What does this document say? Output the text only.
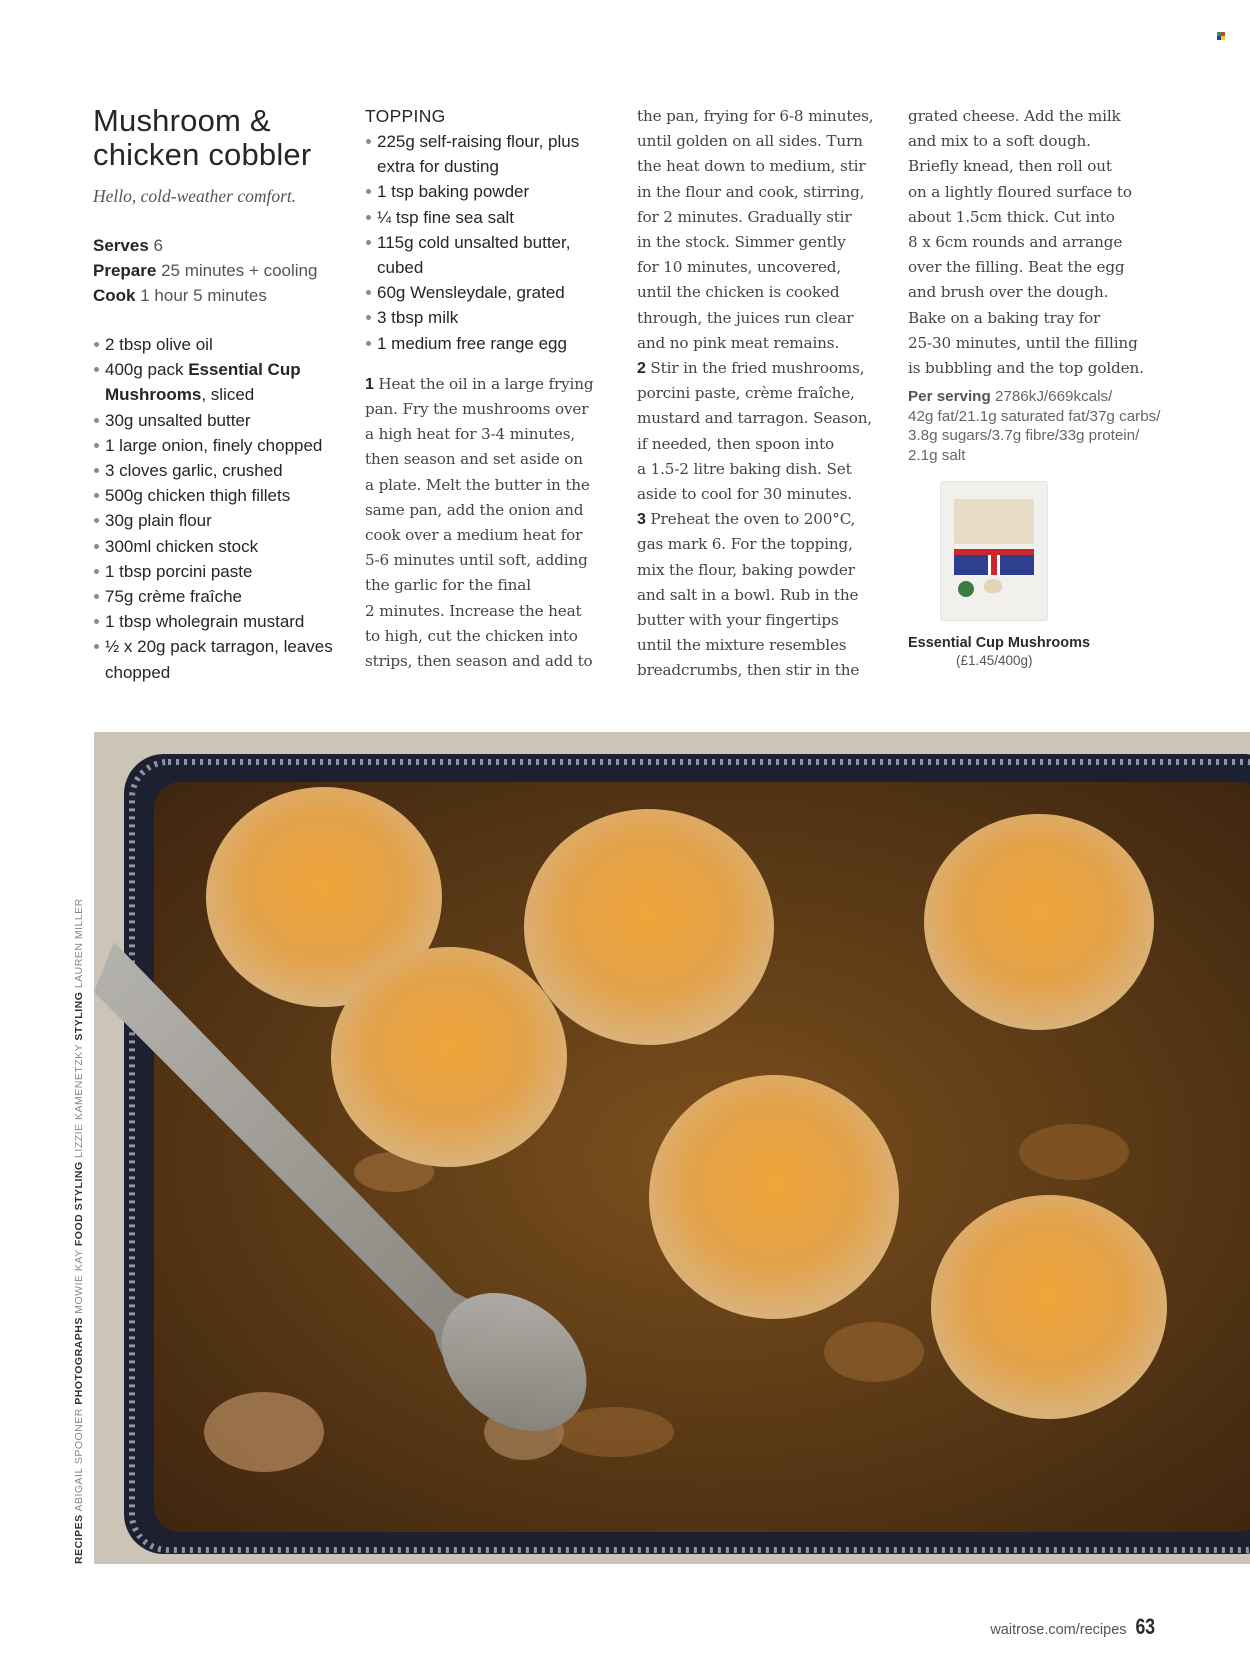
Mushroom &
chicken cobbler
Hello, cold-weather comfort.
Serves 6
Prepare 25 minutes + cooling
Cook 1 hour 5 minutes
2 tbsp olive oil
400g pack Essential Cup Mushrooms, sliced
30g unsalted butter
1 large onion, finely chopped
3 cloves garlic, crushed
500g chicken thigh fillets
30g plain flour
300ml chicken stock
1 tbsp porcini paste
75g crème fraîche
1 tbsp wholegrain mustard
½ x 20g pack tarragon, leaves chopped
TOPPING
225g self-raising flour, plus extra for dusting
1 tsp baking powder
¼ tsp fine sea salt
115g cold unsalted butter, cubed
60g Wensleydale, grated
3 tbsp milk
1 medium free range egg
1 Heat the oil in a large frying
pan. Fry the mushrooms over
a high heat for 3-4 minutes,
then season and set aside on
a plate. Melt the butter in the
same pan, add the onion and
cook over a medium heat for
5-6 minutes until soft, adding
the garlic for the final
2 minutes. Increase the heat
to high, cut the chicken into
strips, then season and add to
the pan, frying for 6-8 minutes,
until golden on all sides. Turn
the heat down to medium, stir
in the flour and cook, stirring,
for 2 minutes. Gradually stir
in the stock. Simmer gently
for 10 minutes, uncovered,
until the chicken is cooked
through, the juices run clear
and no pink meat remains.
2 Stir in the fried mushrooms,
porcini paste, crème fraîche,
mustard and tarragon. Season,
if needed, then spoon into
a 1.5-2 litre baking dish. Set
aside to cool for 30 minutes.
3 Preheat the oven to 200°C,
gas mark 6. For the topping,
mix the flour, baking powder
and salt in a bowl. Rub in the
butter with your fingertips
until the mixture resembles
breadcrumbs, then stir in the
grated cheese. Add the milk
and mix to a soft dough.
Briefly knead, then roll out
on a lightly floured surface to
about 1.5cm thick. Cut into
8 x 6cm rounds and arrange
over the filling. Beat the egg
and brush over the dough.
Bake on a baking tray for
25-30 minutes, until the filling
is bubbling and the top golden.
Per serving 2786kJ/669kcals/
42g fat/21.1g saturated fat/37g carbs/
3.8g sugars/3.7g fibre/33g protein/
2.1g salt
Essential Cup Mushrooms
(£1.45/400g)
RECIPES ABIGAIL SPOONER PHOTOGRAPHS MOWIE KAY FOOD STYLING LIZZIE KAMENETZKY STYLING LAUREN MILLER
waitrose.com/recipes 63
